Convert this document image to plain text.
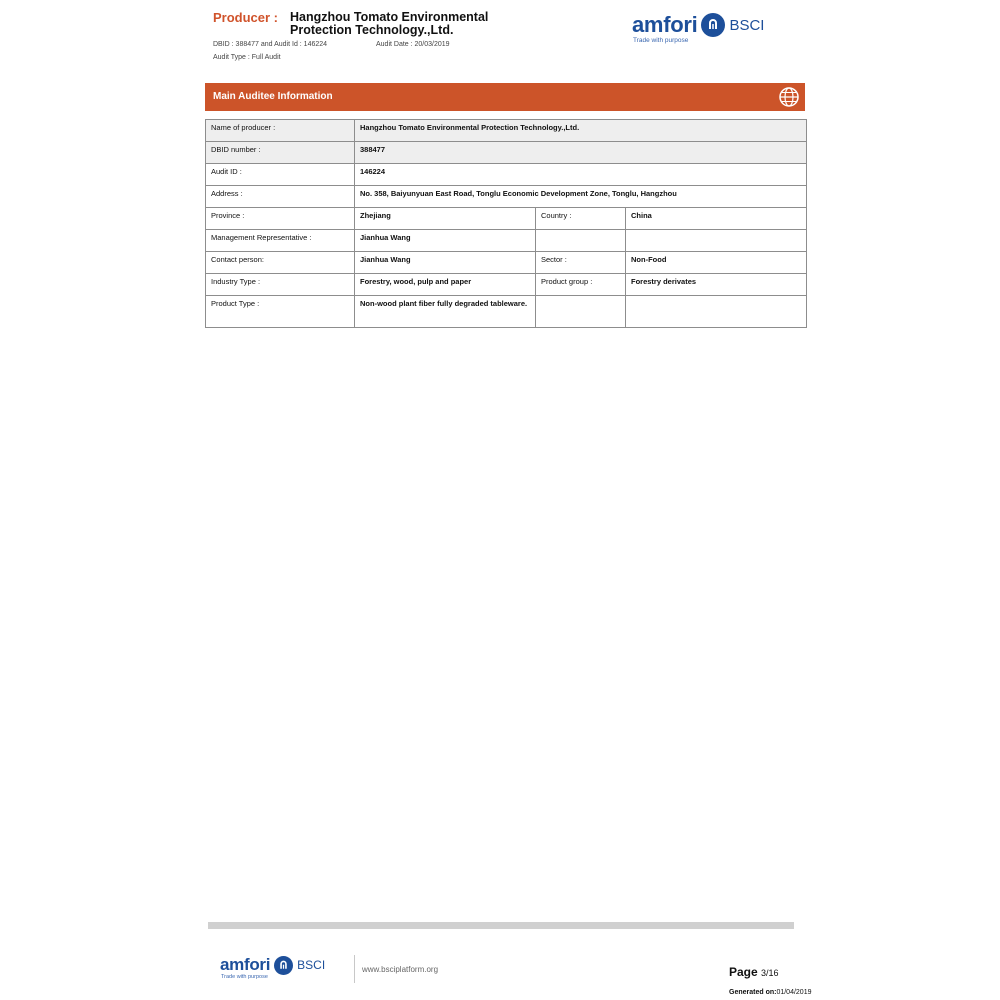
Producer : Hangzhou Tomato Environmental Protection Technology.,Ltd.
DBID : 388477 and Audit Id : 146224	Audit Date : 20/03/2019
Audit Type : Full Audit
amfori BSCI
Trade with purpose
Main Auditee Information
Name of producer :	Hangzhou Tomato Environmental Protection Technology.,Ltd.		
DBID number :	388477		
Audit ID :	146224		
Address :	No. 358, Baiyunyuan East Road, Tonglu Economic Development Zone, Tonglu, Hangzhou		
Province :	Zhejiang	Country :	China
Management Representative :	Jianhua Wang		
Contact person:	Jianhua Wang	Sector :	Non-Food
Industry Type :	Forestry, wood, pulp and paper	Product group :	Forestry derivates
Product Type :	Non-wood plant fiber fully degraded tableware.		
amfori BSCI
Trade with purpose
www.bsciplatform.org	Page 3/16
Generated on:01/04/2019
